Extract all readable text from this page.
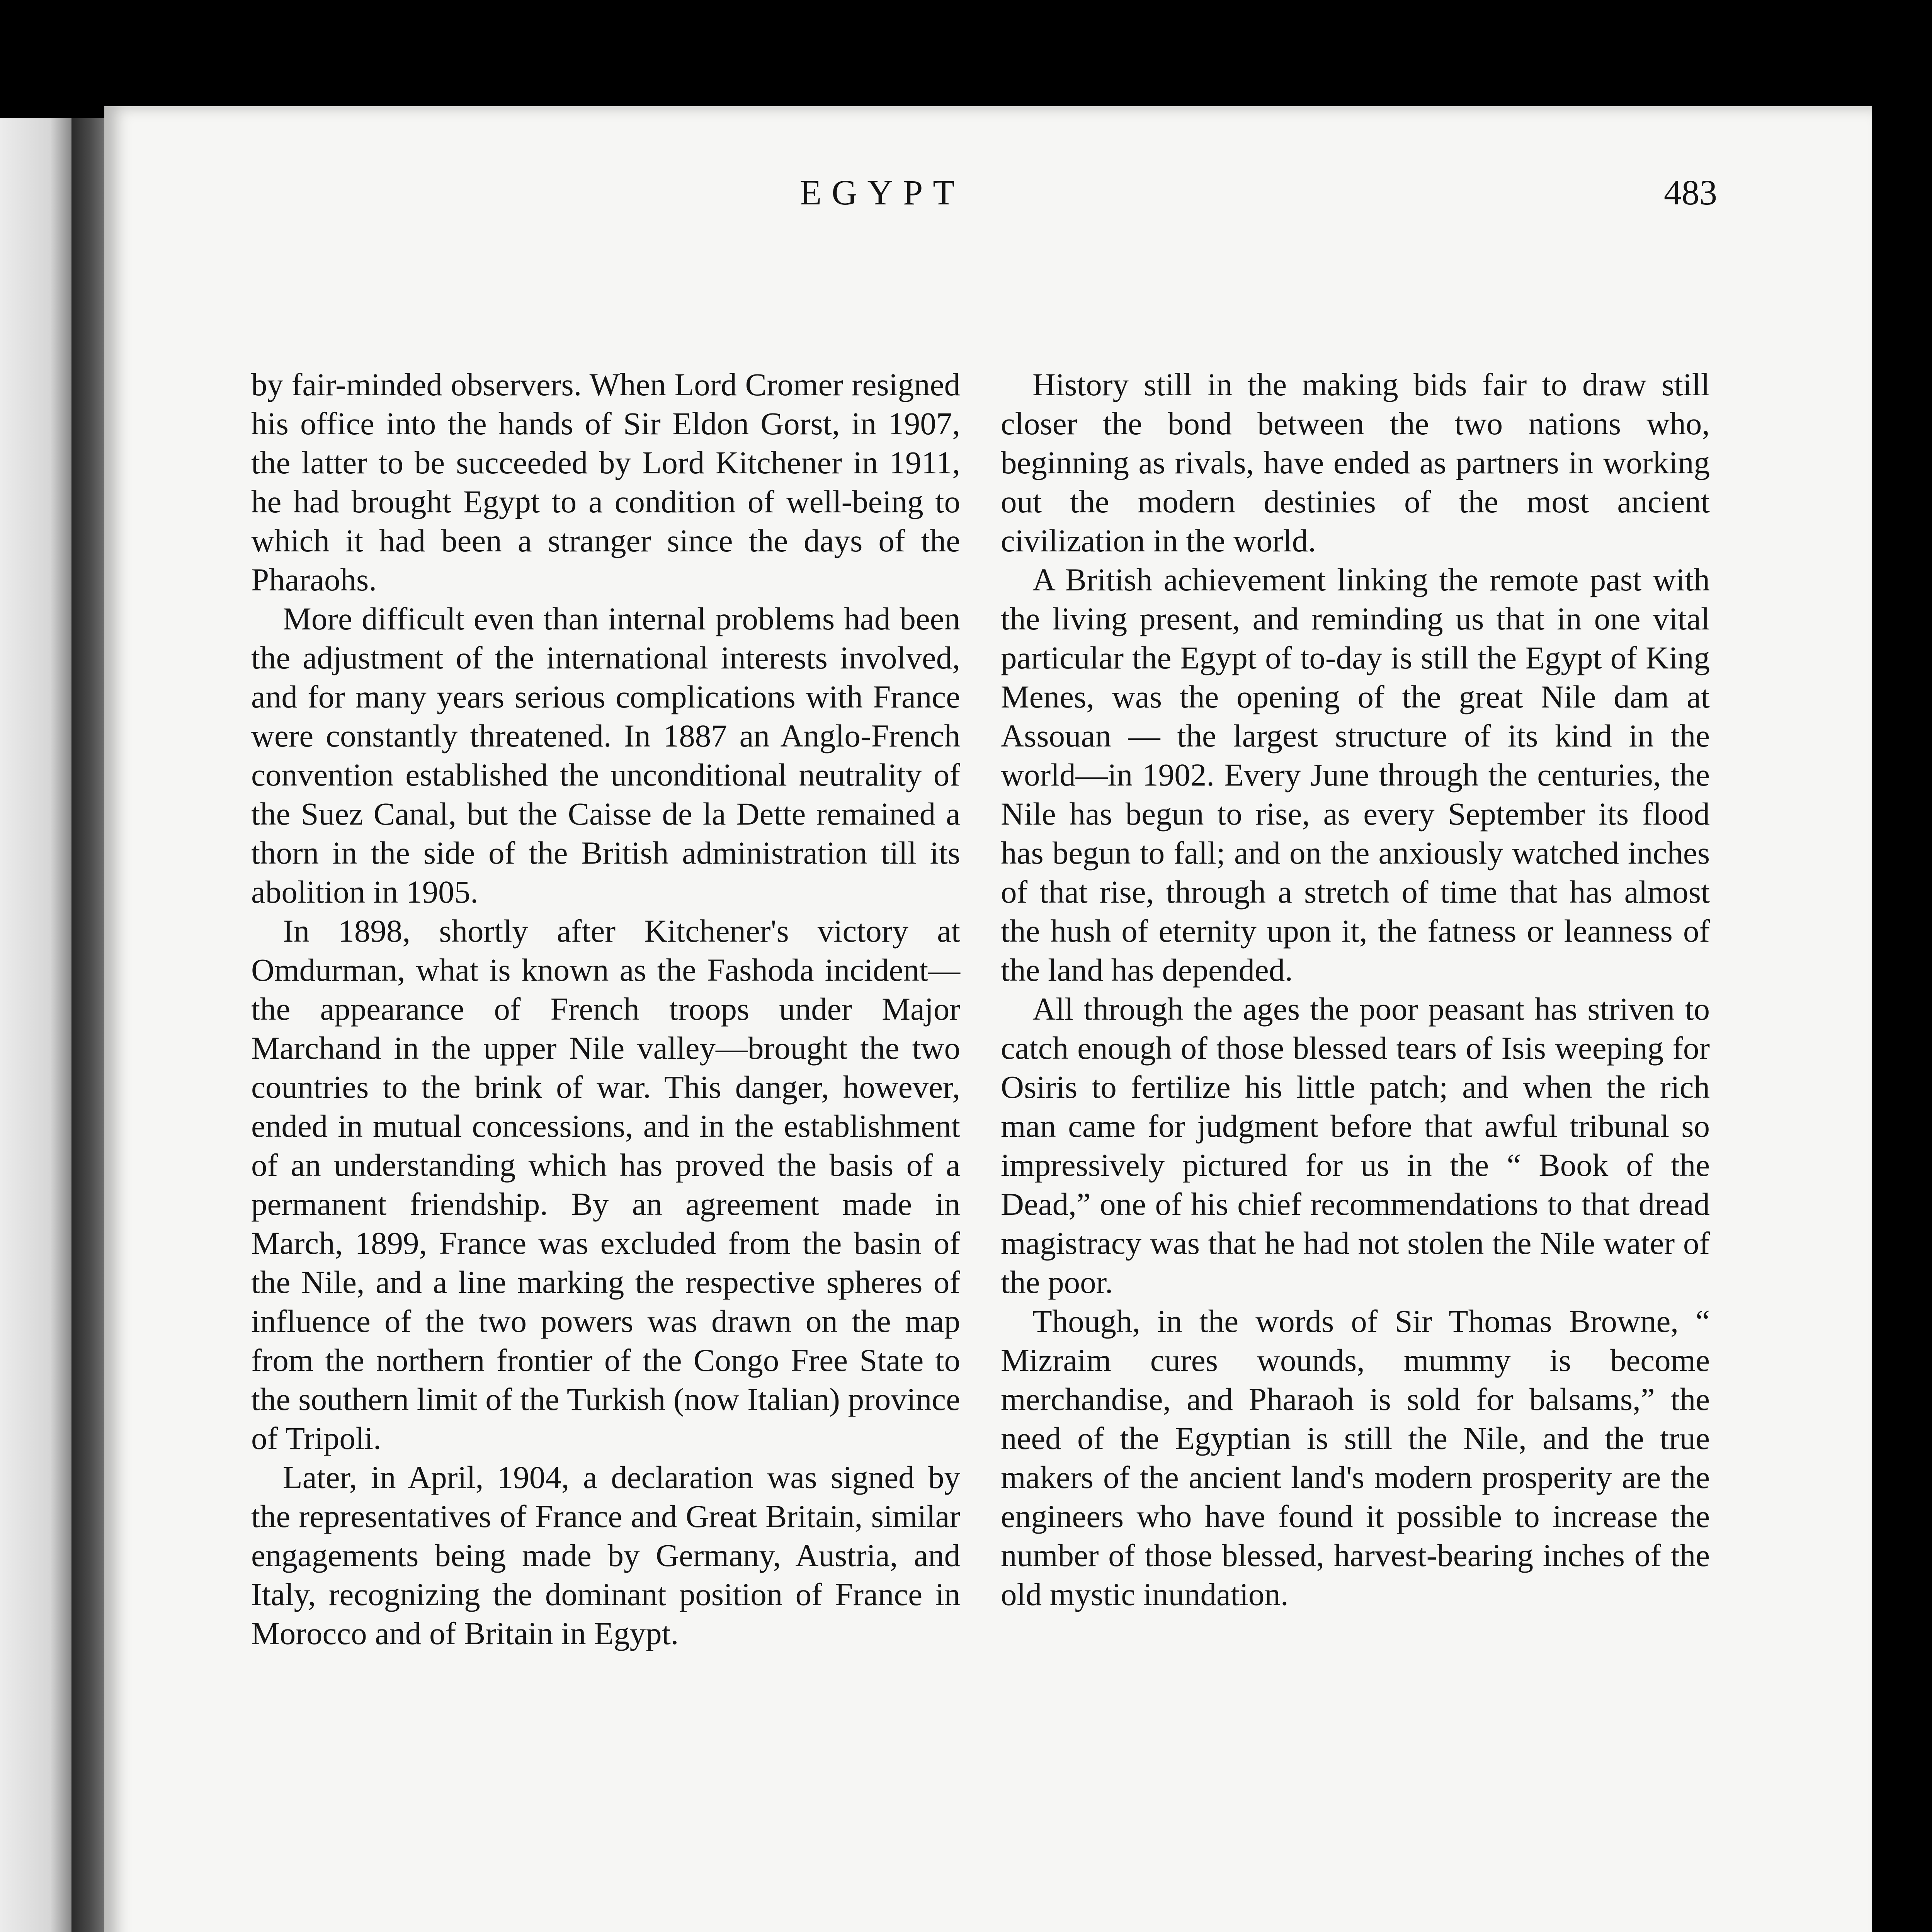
EGYPT	483

by fair-minded observers. When Lord Cromer resigned his office into the hands of Sir Eldon Gorst, in 1907, the latter to be succeeded by Lord Kitchener in 1911, he had brought Egypt to a condition of well-being to which it had been a stranger since the days of the Pharaohs.

More difficult even than internal problems had been the adjustment of the international interests involved, and for many years serious complications with France were constantly threatened. In 1887 an Anglo-French convention established the unconditional neutrality of the Suez Canal, but the Caisse de la Dette remained a thorn in the side of the British administration till its abolition in 1905.

In 1898, shortly after Kitchener's victory at Omdurman, what is known as the Fashoda incident—the appearance of French troops under Major Marchand in the upper Nile valley—brought the two countries to the brink of war. This danger, however, ended in mutual concessions, and in the establishment of an understanding which has proved the basis of a permanent friendship. By an agreement made in March, 1899, France was excluded from the basin of the Nile, and a line marking the respective spheres of influence of the two powers was drawn on the map from the northern frontier of the Congo Free State to the southern limit of the Turkish (now Italian) province of Tripoli.

Later, in April, 1904, a declaration was signed by the representatives of France and Great Britain, similar engagements being made by Germany, Austria, and Italy, recognizing the dominant position of France in Morocco and of Britain in Egypt.

History still in the making bids fair to draw still closer the bond between the two nations who, beginning as rivals, have ended as partners in working out the modern destinies of the most ancient civilization in the world.

A British achievement linking the remote past with the living present, and reminding us that in one vital particular the Egypt of to-day is still the Egypt of King Menes, was the opening of the great Nile dam at Assouan — the largest structure of its kind in the world—in 1902. Every June through the centuries, the Nile has begun to rise, as every September its flood has begun to fall; and on the anxiously watched inches of that rise, through a stretch of time that has almost the hush of eternity upon it, the fatness or leanness of the land has depended.

All through the ages the poor peasant has striven to catch enough of those blessed tears of Isis weeping for Osiris to fertilize his little patch; and when the rich man came for judgment before that awful tribunal so impressively pictured for us in the “ Book of the Dead,” one of his chief recommendations to that dread magistracy was that he had not stolen the Nile water of the poor.

Though, in the words of Sir Thomas Browne, “ Mizraim cures wounds, mummy is become merchandise, and Pharaoh is sold for balsams,” the need of the Egyptian is still the Nile, and the true makers of the ancient land's modern prosperity are the engineers who have found it possible to increase the number of those blessed, harvest-bearing inches of the old mystic inundation.
